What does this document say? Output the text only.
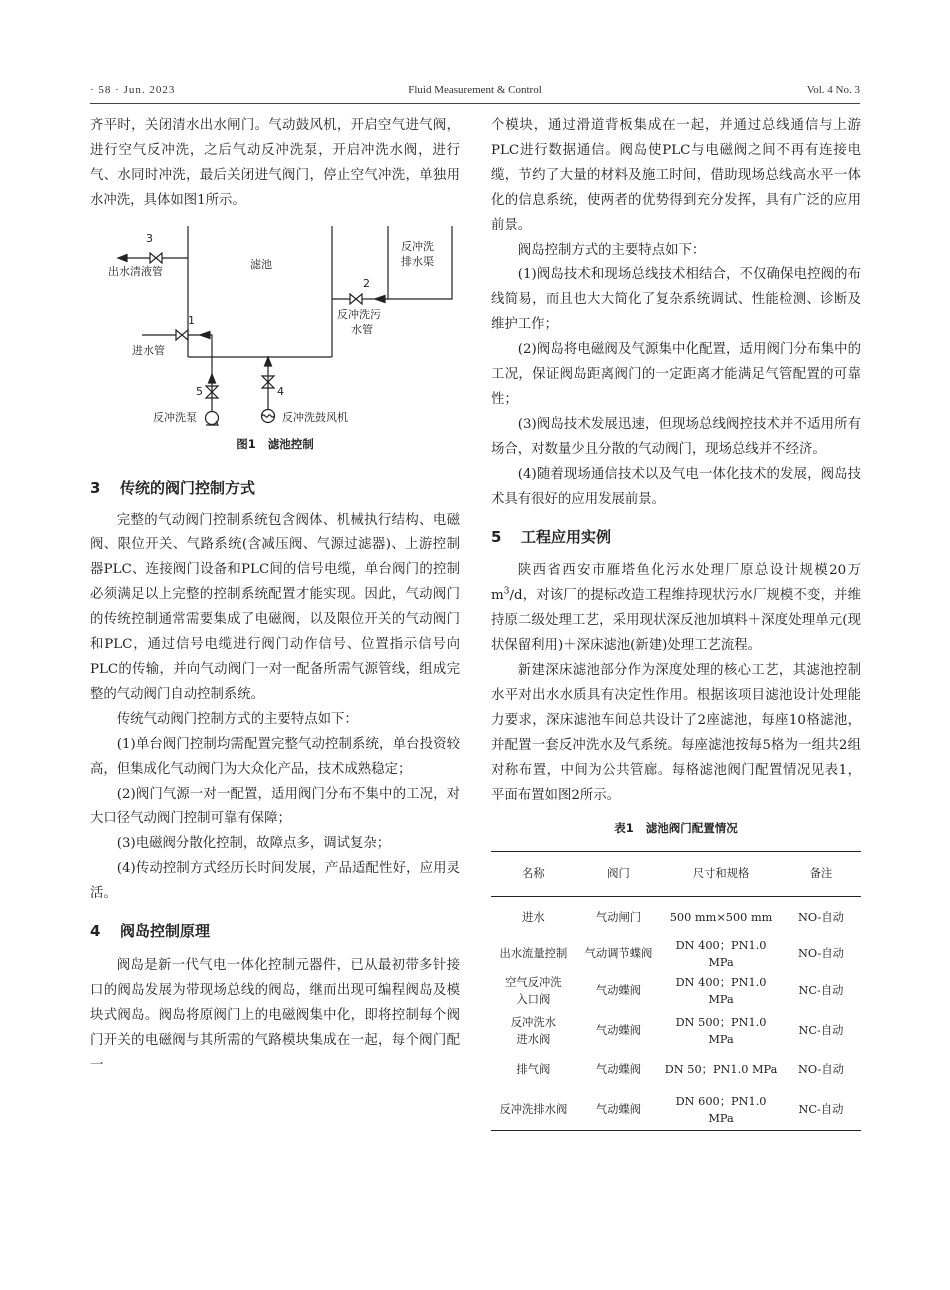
· 58 · Jun. 2023	Fluid Measurement & Control	Vol. 4 No. 3

齐平时，关闭清水出水闸门。气动鼓风机，开启空气进气阀，进行空气反冲洗，之后气动反冲洗泵，开启冲洗水阀，进行气、水同时冲洗，最后关闭进气阀门，停止空气冲洗，单独用水冲洗，具体如图1所示。

滤池
3
出水清液管
反冲洗
排水渠
2
反冲洗污
水管
1
进水管
5	4
反冲洗泵	反冲洗鼓风机
图1 滤池控制

3 传统的阀门控制方式

完整的气动阀门控制系统包含阀体、机械执行结构、电磁阀、限位开关、气路系统(含减压阀、气源过滤器)、上游控制器PLC、连接阀门设备和PLC间的信号电缆，单台阀门的控制必须满足以上完整的控制系统配置才能实现。因此，气动阀门的传统控制通常需要集成了电磁阀，以及限位开关的气动阀门和PLC，通过信号电缆进行阀门动作信号、位置指示信号向PLC的传输，并向气动阀门一对一配备所需气源管线，组成完整的气动阀门自动控制系统。

传统气动阀门控制方式的主要特点如下：

(1)单台阀门控制均需配置完整气动控制系统，单台投资较高，但集成化气动阀门为大众化产品，技术成熟稳定；

(2)阀门气源一对一配置，适用阀门分布不集中的工况，对大口径气动阀门控制可靠有保障；

(3)电磁阀分散化控制，故障点多，调试复杂；

(4)传动控制方式经历长时间发展，产品适配性好，应用灵活。

4 阀岛控制原理

阀岛是新一代气电一体化控制元器件，已从最初带多针接口的阀岛发展为带现场总线的阀岛，继而出现可编程阀岛及模块式阀岛。阀岛将原阀门上的电磁阀集中化，即将控制每个阀门开关的电磁阀与其所需的气路模块集成在一起，每个阀门配一

个模块，通过滑道背板集成在一起，并通过总线通信与上游PLC进行数据通信。阀岛使PLC与电磁阀之间不再有连接电缆，节约了大量的材料及施工时间，借助现场总线高水平一体化的信息系统，使两者的优势得到充分发挥，具有广泛的应用前景。

阀岛控制方式的主要特点如下：

(1)阀岛技术和现场总线技术相结合，不仅确保电控阀的布线简易，而且也大大简化了复杂系统调试、性能检测、诊断及维护工作；

(2)阀岛将电磁阀及气源集中化配置，适用阀门分布集中的工况，保证阀岛距离阀门的一定距离才能满足气管配置的可靠性；

(3)阀岛技术发展迅速，但现场总线阀控技术并不适用所有场合，对数量少且分散的气动阀门，现场总线并不经济。

(4)随着现场通信技术以及气电一体化技术的发展，阀岛技术具有很好的应用发展前景。

5 工程应用实例

陕西省西安市雁塔鱼化污水处理厂原总设计规模20万$m^3/d$，对该厂的提标改造工程维持现状污水厂规模不变，并维持原二级处理工艺，采用现状深反池加填料＋深度处理单元(现状保留利用)＋深床滤池(新建)处理工艺流程。

新建深床滤池部分作为深度处理的核心工艺，其滤池控制水平对出水水质具有决定性作用。根据该项目滤池设计处理能力要求，深床滤池车间总共设计了2座滤池，每座10格滤池，并配置一套反冲洗水及气系统。每座滤池按每5格为一组共2组对称布置，中间为公共管廊。每格滤池阀门配置情况见表1，平面布置如图2所示。

表1 滤池阀门配置情况
名称	阀门	尺寸和规格	备注
进水	气动闸门	500 mm×500 mm	NO-自动
出水流量控制	气动调节蝶阀	DN 400；PN1.0 MPa	NO-自动
空气反冲洗入口阀	气动蝶阀	DN 400；PN1.0 MPa	NC-自动
反冲洗水进水阀	气动蝶阀	DN 500；PN1.0 MPa	NC-自动
排气阀	气动蝶阀	DN 50；PN1.0 MPa	NO-自动
反冲洗排水阀	气动蝶阀	DN 600；PN1.0 MPa	NC-自动
